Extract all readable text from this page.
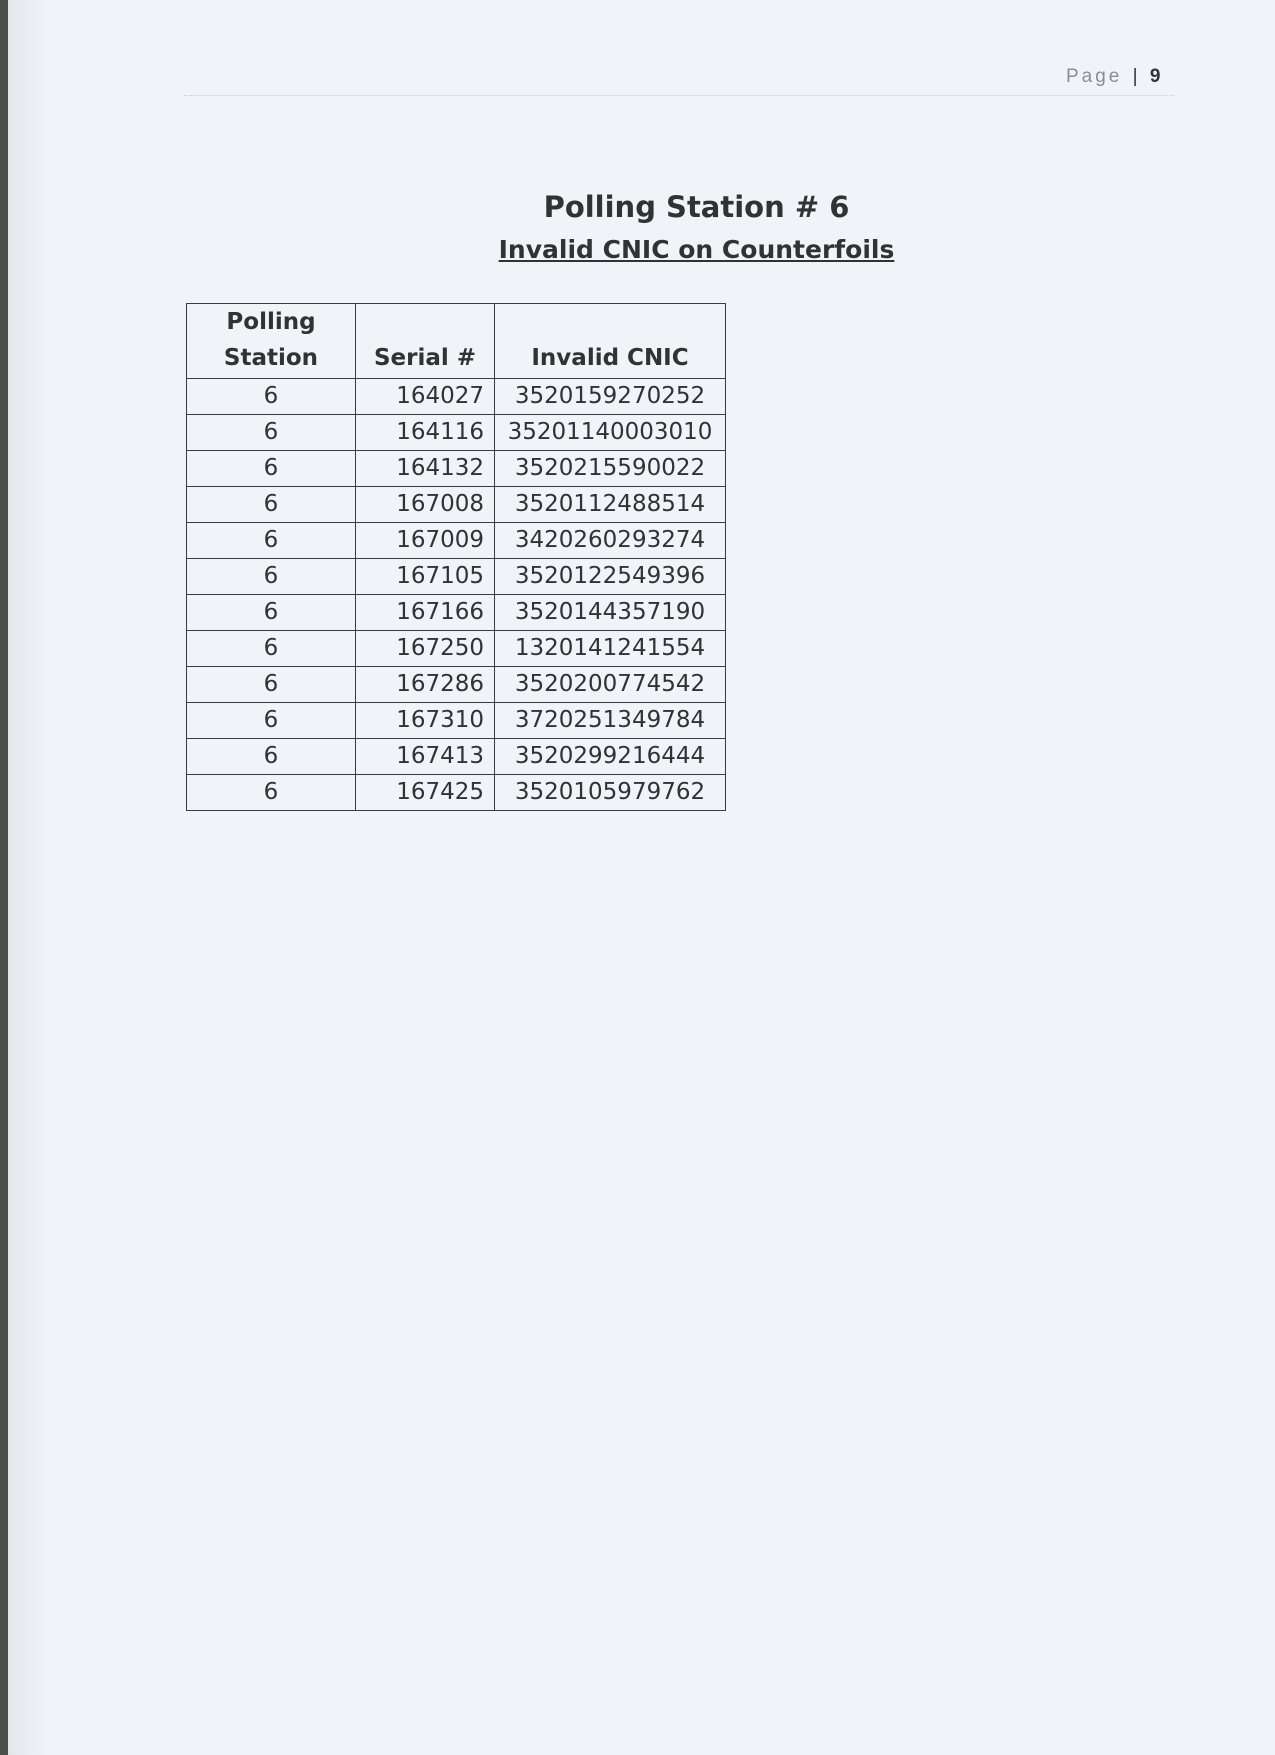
Page | 9
Polling Station # 6
Invalid CNIC on Counterfoils
Polling Station	Serial #	Invalid CNIC
6	164027	3520159270252
6	164116	35201140003010
6	164132	3520215590022
6	167008	3520112488514
6	167009	3420260293274
6	167105	3520122549396
6	167166	3520144357190
6	167250	1320141241554
6	167286	3520200774542
6	167310	3720251349784
6	167413	3520299216444
6	167425	3520105979762
